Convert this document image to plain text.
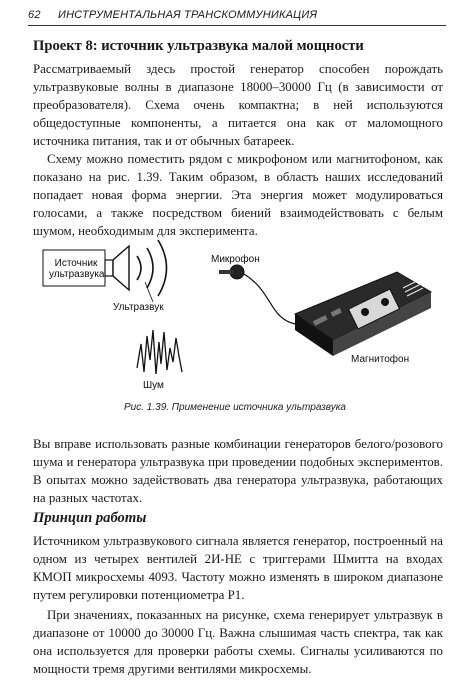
62 ИНСТРУМЕНТАЛЬНАЯ ТРАНСКОММУНИКАЦИЯ
Проект 8: источник ультразвука малой мощности

Рассматриваемый здесь простой генератор способен порождать ультразвуковые волны в диапазоне 18000–30000 Гц (в зависимости от преобразователя). Схема очень компактна; в ней используются общедоступные компоненты, а питается она как от маломощного источника питания, так и от обычных батареек.

Схему можно поместить рядом с микрофоном или магнитофоном, как показано на рис. 1.39. Таким образом, в область наших исследований попадает новая форма энергии. Эта энергия может модулироваться голосами, а также посредством биений взаимодействовать с белым шумом, необходимым для эксперимента.

Источник ультразвука
Ультразвук
Микрофон
Шум
Магнитофон
Рис. 1.39. Применение источника ультразвука

Вы вправе использовать разные комбинации генераторов белого/розового шума и генератора ультразвука при проведении подобных экспериментов. В опытах можно задействовать два генератора ультразвука, работающих на разных частотах.

Принцип работы

Источником ультразвукового сигнала является генератор, построенный на одном из четырех вентилей 2И-НЕ с триггерами Шмитта на входах КМОП микросхемы 4093. Частоту можно изменять в широком диапазоне путем регулировки потенциометра P1.

При значениях, показанных на рисунке, схема генерирует ультразвук в диапазоне от 10000 до 30000 Гц. Важна слышимая часть спектра, так как она используется для проверки работы схемы. Сигналы усиливаются по мощности тремя другими вентилями микросхемы.
